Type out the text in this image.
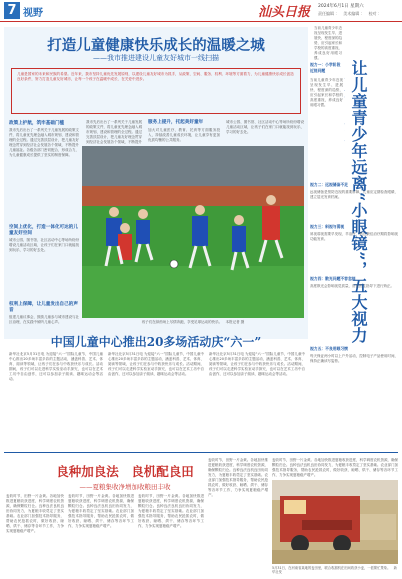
7 视野	汕头日报 2024年6月1日 星期六
责任编辑 ：　美术编辑 ：　校对 ：
打造儿童健康快乐成长的温暖之城
——我市推进建设儿童友好城市一线扫描
儿童是国家的未来和民族的希望。近年来，我市坚持儿童优先发展原则，以建设儿童友好城市为抓手，从政策、空间、服务、权利、环境等方面着力，为儿童健康快乐成长创造良好条件，努力打造儿童友好城市，让每一个孩子在温暖中成长、在关爱中进步。
政策上护航，筑牢基础门槛
我市先后出台了一系列关于儿童发展的政策文件，将儿童优先理念融入城市规划、建设和管理的全过程。通过完善顶层设计，把儿童友好理念贯穿到经济社会发展各个领域，不断提升儿童福祉。各级各部门密切配合，形成合力，为儿童健康成长提供了坚实的制度保障。
空间上优化，打造一体化可达的儿童友好空间
城市公园、图书馆、社区活动中心等场所纷纷增设儿童活动区域，让孩子们在家门口就能找到玩乐、学习的好去处。
权利上保障，让儿童发出自己的声音
组建儿童议事会，鼓励儿童参与城市建设与社区治理，在实践中倾听儿童心声。
我市先后出台了一系列关于儿童发展的政策文件，将儿童优先理念融入城市规划、建设和管理的全过程。通过完善顶层设计，把儿童友好理念贯穿到经济社会发展各个领域，不断提升
服务上提升，托起美好童年
加大对儿童医疗、教育、托育等方面服务投入，持续改善儿童成长环境，让儿童享有更加优质均衡的公共服务。
城市公园、图书馆、社区活动中心等场所纷纷增设儿童活动区域，让孩子们在家门口就能找到玩乐、学习的好去处。
孩子们在绿茵场上尽情奔跑，享受足球运动的快乐。　本报记者 摄
当前儿童青少年近视呈现发生早、进展快、程度深的趋势，应引起家长和学校的高度重视，养成良好用眼习惯。
让儿童青少年远离“小眼镜”，五大视力
视力一：小学阶段近视问题
当前儿童青少年近视呈现发生早、进展快、程度深的趋势，应引起家长和学校的高度重视，养成良好用眼习惯。
视力二：远视储备不足
远视储备是预防近视的重要屏障，儿童应定期检查眼睛，建立屈光发育档案。
视力三：斜视与弱视
斜视弱视需要早发现、早治疗，错过最佳治疗期将影响视功能发育。
视力四：散光问题不容忽视
高度散光会影响视觉质量，应在医生指导下进行矫正。
视力五：不良用眼习惯
每天保证两小时以上户外活动，控制电子产品使用时间，保持正确读写姿势。
中国儿童中心推出20多场活动庆“六一”
新华社北京5月31日电 为迎接“六一”国际儿童节，中国儿童中心推出20多场丰富多彩的主题活动，涵盖科普、艺术、体育、阅读等领域，让孩子们在参与中收获快乐与成长。活动期间，孩子们可以走进科学实验室动手探究，也可以在艺术工坊中自由创作，还可以参加亲子阅读、趣味运动会等活动。
新华社北京5月31日电 为迎接“六一”国际儿童节，中国儿童中心推出20多场丰富多彩的主题活动，涵盖科普、艺术、体育、阅读等领域，让孩子们在参与中收获快乐与成长。活动期间，孩子们可以走进科学实验室动手探究，也可以在艺术工坊中自由创作，还可以参加亲子阅读、趣味运动会等活动。
新华社北京5月31日电 为迎接“六一”国际儿童节，中国儿童中心推出20多场丰富多彩的主题活动，涵盖科普、艺术、体育、阅读等领域，让孩子们在参与中收获快乐与成长。活动期间，孩子们可以走进科学实验室动手探究，也可以在艺术工坊中自由创作，还可以参加亲子阅读、趣味运动会等活动。
良种加良法　良机配良田
——夏粮集收净增加收粮田丰收
麦收时节，田野一片金黄。各地加快推进夏粮收获进度，科学调度农机资源，确保颗粒归仓。良种良法良机良田协同发力，为夏粮丰收奠定了坚实基础。农业部门加强技术指导服务，帮助农民抢抓农时，做好收获、晾晒、烘干、储存等各环节工作，力争实现夏粮稳产增产。
麦收时节，田野一片金黄。各地加快推进夏粮收获进度，科学调度农机资源，确保颗粒归仓。良种良法良机良田协同发力，为夏粮丰收奠定了坚实基础。农业部门加强技术指导服务，帮助农民抢抓农时，做好收获、晾晒、烘干、储存等各环节工作，力争实现夏粮稳产增产。
麦收时节，田野一片金黄。各地加快推进夏粮收获进度，科学调度农机资源，确保颗粒归仓。良种良法良机良田协同发力，为夏粮丰收奠定了坚实基础。农业部门加强技术指导服务，帮助农民抢抓农时，做好收获、晾晒、烘干、储存等各环节工作，力争实现夏粮稳产增产。
麦收时节，田野一片金黄。各地加快推进夏粮收获进度，科学调度农机资源，确保颗粒归仓。良种良法良机良田协同发力，为夏粮丰收奠定了坚实基础。农业部门加强技术指导服务，帮助农民抢抓农时，做好收获、晾晒、烘干、储存等各环节工作，力争实现夏粮稳产增产。
麦收时节，田野一片金黄。各地加快推进夏粮收获进度，科学调度农机资源，确保颗粒归仓。良种良法良机良田协同发力，为夏粮丰收奠定了坚实基础。农业部门加强技术指导服务，帮助农民抢抓农时，做好收获、晾晒、烘干、储存等各环节工作，力争实现夏粮稳产增产。
5月31日，在河南省某地的麦田里，联合收割机在田间收获小麦，一派繁忙景象。　新华社发
